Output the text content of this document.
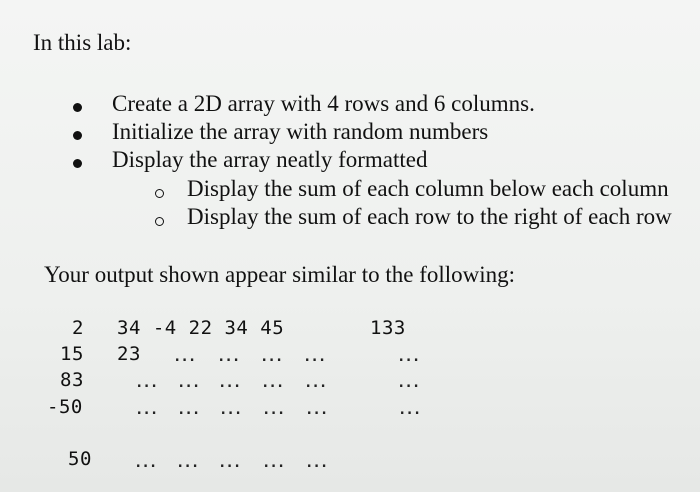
In this lab:
Create a 2D array with 4 rows and 6 columns.
Initialize the array with random numbers
Display the array neatly formatted
Display the sum of each column below each column
Display the sum of each row to the right of each row
Your output shown appear similar to the following:
2 34 -4 22 34 45	133
15 23 ... ... ... ...	...
83	... ... ... ... ...	...
-50	... ... ... ... ...	...
50	... ... ... ... ...
